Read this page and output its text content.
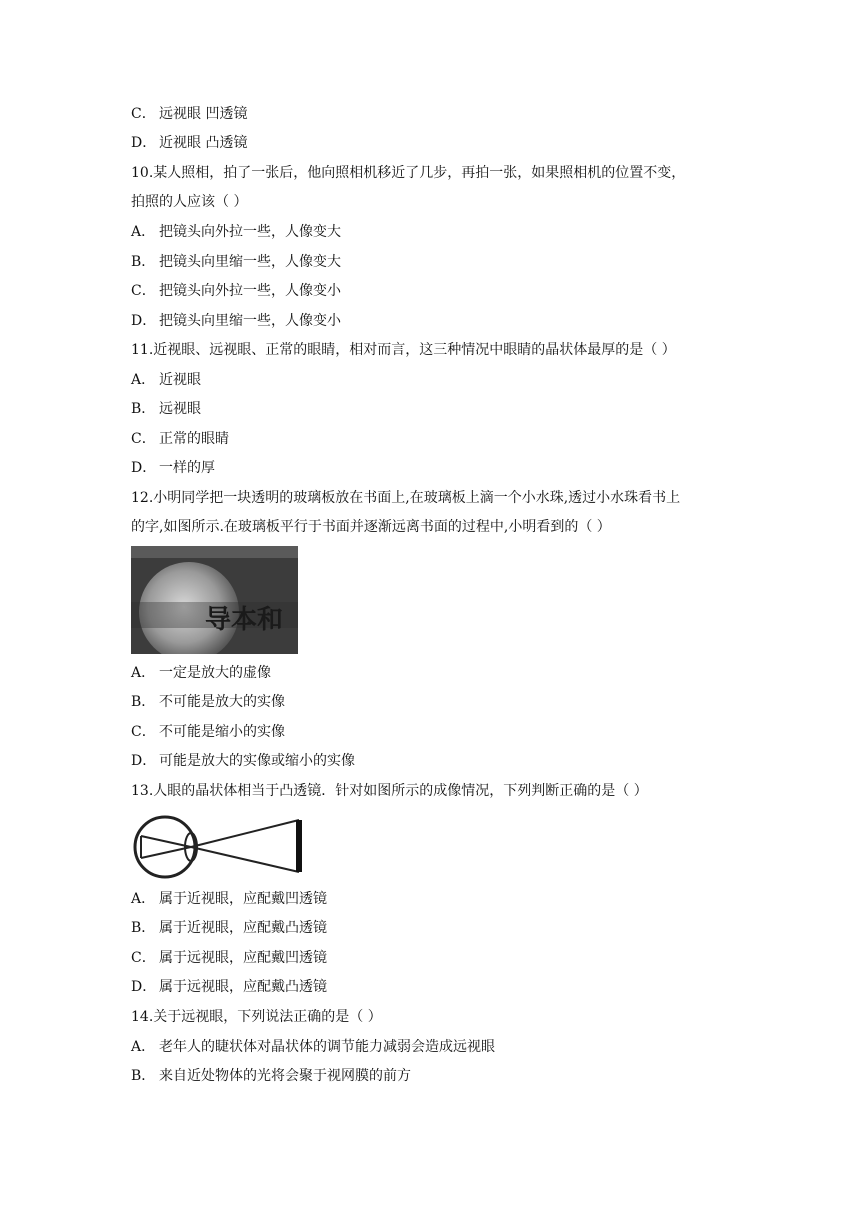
C． 远视眼 凹透镜
D． 近视眼 凸透镜
10.某人照相，拍了一张后，他向照相机移近了几步，再拍一张，如果照相机的位置不变，
拍照的人应该（ ）
A． 把镜头向外拉一些，人像变大
B． 把镜头向里缩一些，人像变大
C． 把镜头向外拉一些，人像变小
D． 把镜头向里缩一些，人像变小
11.近视眼、远视眼、正常的眼睛，相对而言，这三种情况中眼睛的晶状体最厚的是（ ）
A． 近视眼
B． 远视眼
C． 正常的眼睛
D． 一样的厚
12.小明同学把一块透明的玻璃板放在书面上,在玻璃板上滴一个小水珠,透过小水珠看书上
的字,如图所示.在玻璃板平行于书面并逐渐远离书面的过程中,小明看到的（ ）
导本和
A． 一定是放大的虚像
B． 不可能是放大的实像
C． 不可能是缩小的实像
D． 可能是放大的实像或缩小的实像
13.人眼的晶状体相当于凸透镜．针对如图所示的成像情况，下列判断正确的是（ ）
A． 属于近视眼，应配戴凹透镜
B． 属于近视眼，应配戴凸透镜
C． 属于远视眼，应配戴凹透镜
D． 属于远视眼，应配戴凸透镜
14.关于远视眼，下列说法正确的是（ ）
A． 老年人的睫状体对晶状体的调节能力减弱会造成远视眼
B． 来自近处物体的光将会聚于视网膜的前方
